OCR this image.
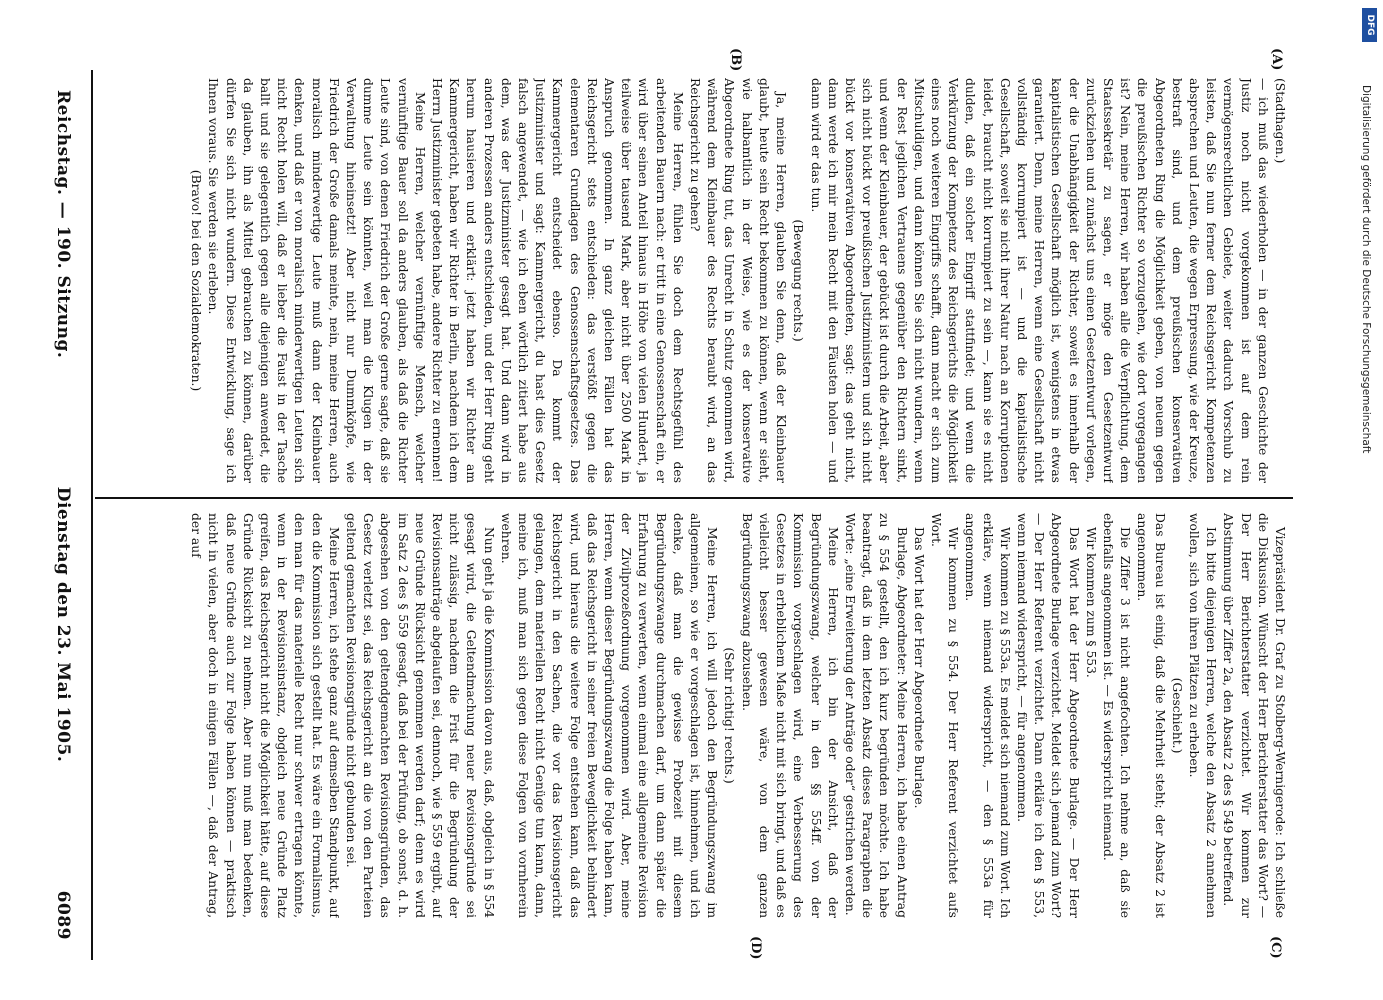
Reichstag. — 190. Sitzung.
Dienstag den 23. Mai 1905.
6089
(A)
(B)
(C)
(D)

(Stadthagen.)

— ich muß das wiederholen — in der ganzen Geschichte der Justiz noch nicht vorgekommen ist auf dem rein vermögensrechtlichen Gebiete, weiter dadurch Vorschub zu leisten, daß Sie nun ferner dem Reichsgericht Kompetenzen absprechen und Leuten, die wegen Erpressung, wie der Kreuze, bestraft sind, und dem preußischen konservativen Abgeordneten Ring die Möglichkeit geben, von neuem gegen die preußischen Richter so vorzugehen, wie dort vorgegangen ist? Nein, meine Herren, wir haben alle die Verpflichtung, dem Staatssekretär zu sagen, er möge den Gesetzentwurf zurückziehen und zunächst uns einen Gesetzentwurf vorlegen, der die Unabhängigkeit der Richter, soweit es innerhalb der kapitalistischen Gesellschaft möglich ist, wenigstens in etwas garantiert. Denn, meine Herren, wenn eine Gesellschaft nicht vollständig korrumpiert ist — und die kapitalistische Gesellschaft, soweit sie nicht ihrer Natur nach an Korruptionen leidet, braucht nicht korrumpiert zu sein —, kann sie es nicht dulden, daß ein solcher Eingriff stattfindet; und wenn die Verkürzung der Kompetenz des Reichsgerichts die Möglichkeit eines noch weiteren Eingriffs schafft, dann macht er sich zum Mitschuldigen, und dann können Sie sich nicht wundern, wenn der Rest jeglichen Vertrauens gegenüber den Richtern sinkt, und wenn der Kleinbauer, der gebückt ist durch die Arbeit, aber sich nicht bückt vor preußischen Justizministern und sich nicht bückt vor konservativen Abgeordneten, sagt: das geht nicht, dann werde ich mir mein Recht mit den Fäusten holen — und dann wird er das tun.

(Bewegung rechts.)

Ja, meine Herren, glauben Sie denn, daß der Kleinbauer glaubt, heute sein Recht bekommen zu können, wenn er sieht, wie halbamtlich in der Weise, wie es der konservative Abgeordnete Ring tut, das Unrecht in Schutz genommen wird, während dem Kleinbauer des Rechts beraubt wird, an das Reichsgericht zu gehen?

Meine Herren, fühlen Sie doch dem Rechtsgefühl des arbeitenden Bauern nach: er tritt in eine Genossenschaft ein, er wird über seinen Anteil hinaus in Höhe von vielen Hundert, ja teilweise über tausend Mark, aber nicht über 2500 Mark in Anspruch genommen. In ganz gleichen Fällen hat das Reichsgericht stets entschieden: das verstößt gegen die elementaren Grundlagen des Genossenschaftsgesetzes. Das Kammergericht entscheidet ebenso. Da kommt der Justizminister und sagt: Kammergericht, du hast dies Gesetz falsch angewendet, — wie ich eben wörtlich zitiert habe aus dem, was der Justizminister gesagt hat. Und dann wird in anderen Prozessen anders entschieden, und der Herr Ring geht herum hausieren und erklärt: jetzt haben wir Richter am Kammergericht, haben wir Richter in Berlin, nachdem ich dem Herrn Justizminister gebeten habe, andere Richter zu ernennen!

Meine Herren, welcher vernünftige Mensch, welcher vernünftige Bauer soll da anders glauben, als daß die Richter Leute sind, von denen Friedrich der Große gerne sagte, daß sie dumme Leute sein könnten, weil man die Klugen in der Verwaltung hineinsetzt! Aber nicht nur Dummköpfe, wie Friedrich der Große damals meinte, nein, meine Herren, auch moralisch minderwertige Leute muß dann der Kleinbauer denken, und daß er von moralisch minderwertigen Leuten sich nicht Recht holen will, daß er lieber die Faust in der Tasche ballt und sie gelegentlich gegen alle diejenigen anwendet, die da glauben, ihn als Mittel gebrauchen zu können, darüber dürfen Sie sich nicht wundern. Diese Entwicklung, sage ich Ihnen voraus. Sie werden sie erleben.

(Bravo! bei den Sozialdemokraten.)

Vizepräsident Dr. Graf zu Stolberg-Wernigerode: Ich schließe die Diskussion. Wünscht der Herr Berichterstatter das Wort? — Der Herr Berichterstatter verzichtet. Wir kommen zur Abstimmung über Ziffer 2a, den Absatz 2 des § 549 betreffend.

Ich bitte diejenigen Herren, welche den Absatz 2 annehmen wollen, sich von ihren Plätzen zu erheben.

(Geschieht.)

Das Bureau ist einig, daß die Mehrheit steht; der Absatz 2 ist angenommen.

Die Ziffer 3 ist nicht angefochten. Ich nehme an, daß sie ebenfalls angenommen ist. — Es widerspricht niemand.

Wir kommen zum § 553.

Das Wort hat der Herr Abgeordnete Burlage. — Der Herr Abgeordnete Burlage verzichtet. Meldet sich jemand zum Wort? — Der Herr Referent verzichtet. Dann erkläre ich den § 553, wenn niemand widerspricht, — für angenommen.

Wir kommen zu § 553a. Es meldet sich niemand zum Wort. Ich erkläre, wenn niemand widerspricht, — den § 553a für angenommen.

Wir kommen zu § 554. Der Herr Referent verzichtet aufs Wort.

Das Wort hat der Herr Abgeordnete Burlage.

Burlage, Abgeordneter: Meine Herren, ich habe einen Antrag zu § 554 gestellt, den ich kurz begründen möchte. Ich habe beantragt, daß in dem letzten Absatz dieses Paragraphen die Worte: „eine Erweiterung der Anträge oder“ gestrichen werden.

Meine Herren, ich bin der Ansicht, daß der Begründungszwang, welcher in den §§ 554ff. von der Kommission vorgeschlagen wird, eine Verbesserung des Gesetzes in erheblichem Maße nicht mit sich bringt, und daß es vielleicht besser gewesen wäre, von dem ganzen Begründungszwang abzusehen.

(Sehr richtig! rechts.)

Meine Herren, ich will jedoch den Begründungszwang im allgemeinen, so wie er vorgeschlagen ist, hinnehmen, und ich denke, daß man die gewisse Probezeit mit diesem Begründungszwange durchmachen darf, um dann später die Erfahrung zu verwerten, wenn einmal eine allgemeine Revision der Zivilprozeßordnung vorgenommen wird. Aber, meine Herren, wenn dieser Begründungszwang die Folge haben kann, daß das Reichsgericht in seiner freien Beweglichkeit behindert wird, und hieraus die weitere Folge entstehen kann, daß das Reichsgericht in den Sachen, die vor das Revisionsgericht gelangen, dem materiellen Recht nicht Genüge tun kann, dann, meine ich, muß man sich gegen diese Folgen von vornherein wehren.

Nun geht ja die Kommission davon aus, daß, obgleich in § 554 gesagt wird, die Geltendmachung neuer Revisionsgründe sei nicht zulässig, nachdem die Frist für die Begründung der Revisionsanträge abgelaufen sei, dennoch, wie § 559 ergibt, auf neue Gründe Rücksicht genommen werden darf; denn es wird im Satz 2 des § 559 gesagt, daß bei der Prüfung, ob sonst, d. h. abgesehen von den geltendgemachten Revisionsgründen, das Gesetz verletzt sei, das Reichsgericht an die von den Parteien geltend gemachten Revisionsgründe nicht gebunden sei.

Meine Herren, ich stehe ganz auf demselben Standpunkt, auf den die Kommission sich gestellt hat. Es wäre ein Formalismus, den man für das materielle Recht nur schwer ertragen könnte, wenn in der Revisionsinstanz, obgleich neue Gründe Platz greifen, das Reichsgericht nicht die Möglichkeit hätte, auf diese Gründe Rücksicht zu nehmen. Aber nun muß man bedenken, daß neue Gründe auch zur Folge haben können — praktisch nicht in vielen, aber doch in einigen Fällen —, daß der Antrag, der auf

DFG
Digitalisierung gefördert durch die Deutsche Forschungsgemeinschaft
